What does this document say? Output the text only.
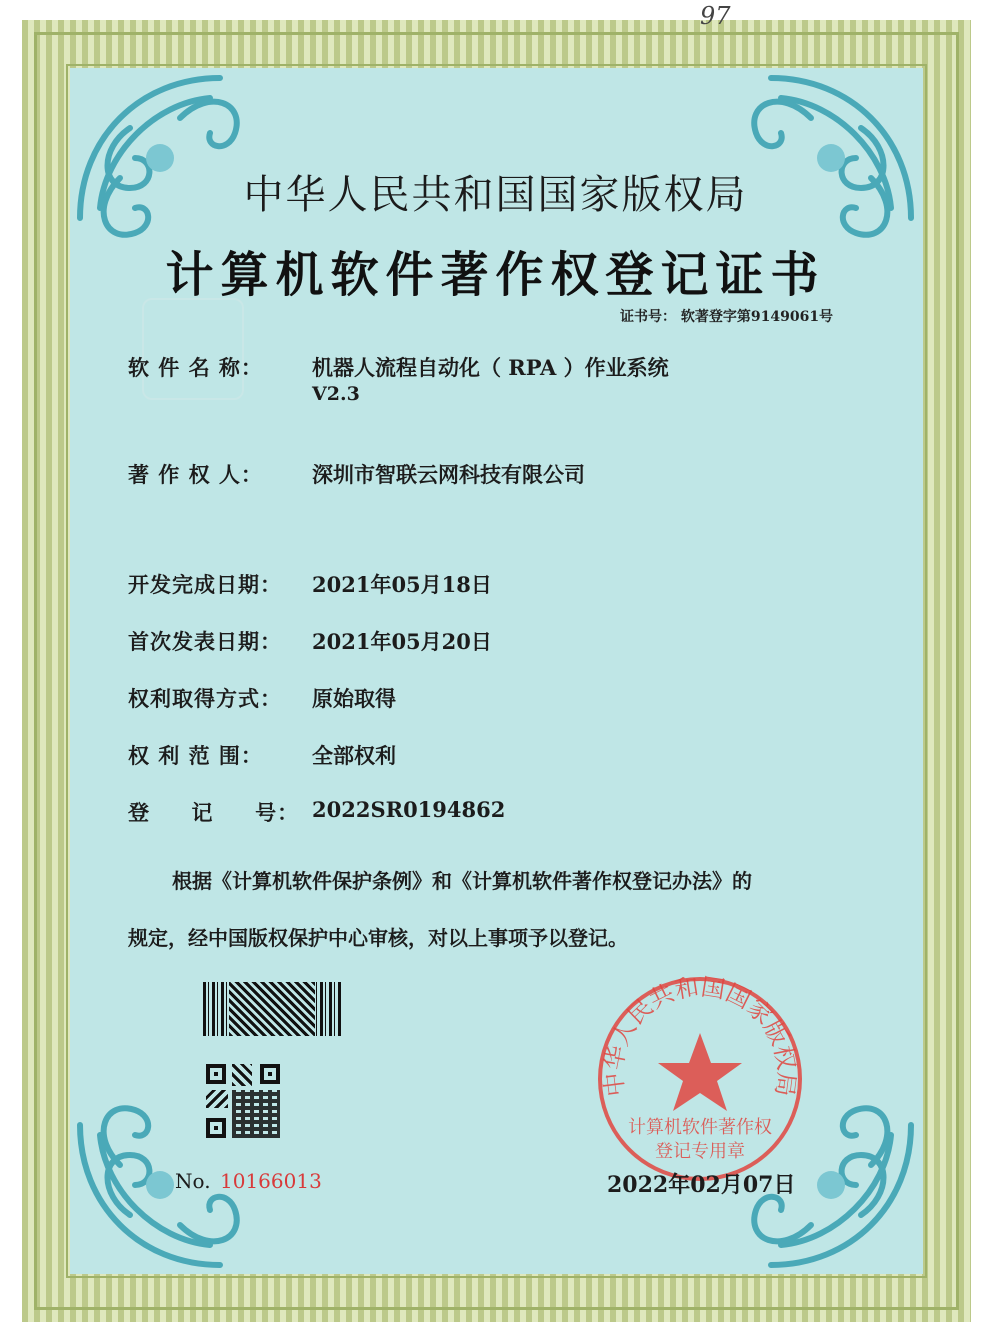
97
中华人民共和国国家版权局
计算机软件著作权登记证书
证书号： 软著登字第9149061号
软 件 名 称： 机器人流程自动化（ RPA ）作业系统
V2.3
著 作 权 人： 深圳市智联云网科技有限公司
开发完成日期： 2021年05月18日
首次发表日期： 2021年05月20日
权利取得方式： 原始取得
权 利 范 围： 全部权利
登     记     号： 2022SR0194862
根据《计算机软件保护条例》和《计算机软件著作权登记办法》的
规定，经中国版权保护中心审核，对以上事项予以登记。
No. 10166013
中华人民共和国国家版权局
计算机软件著作权
登记专用章
2022年02月07日
